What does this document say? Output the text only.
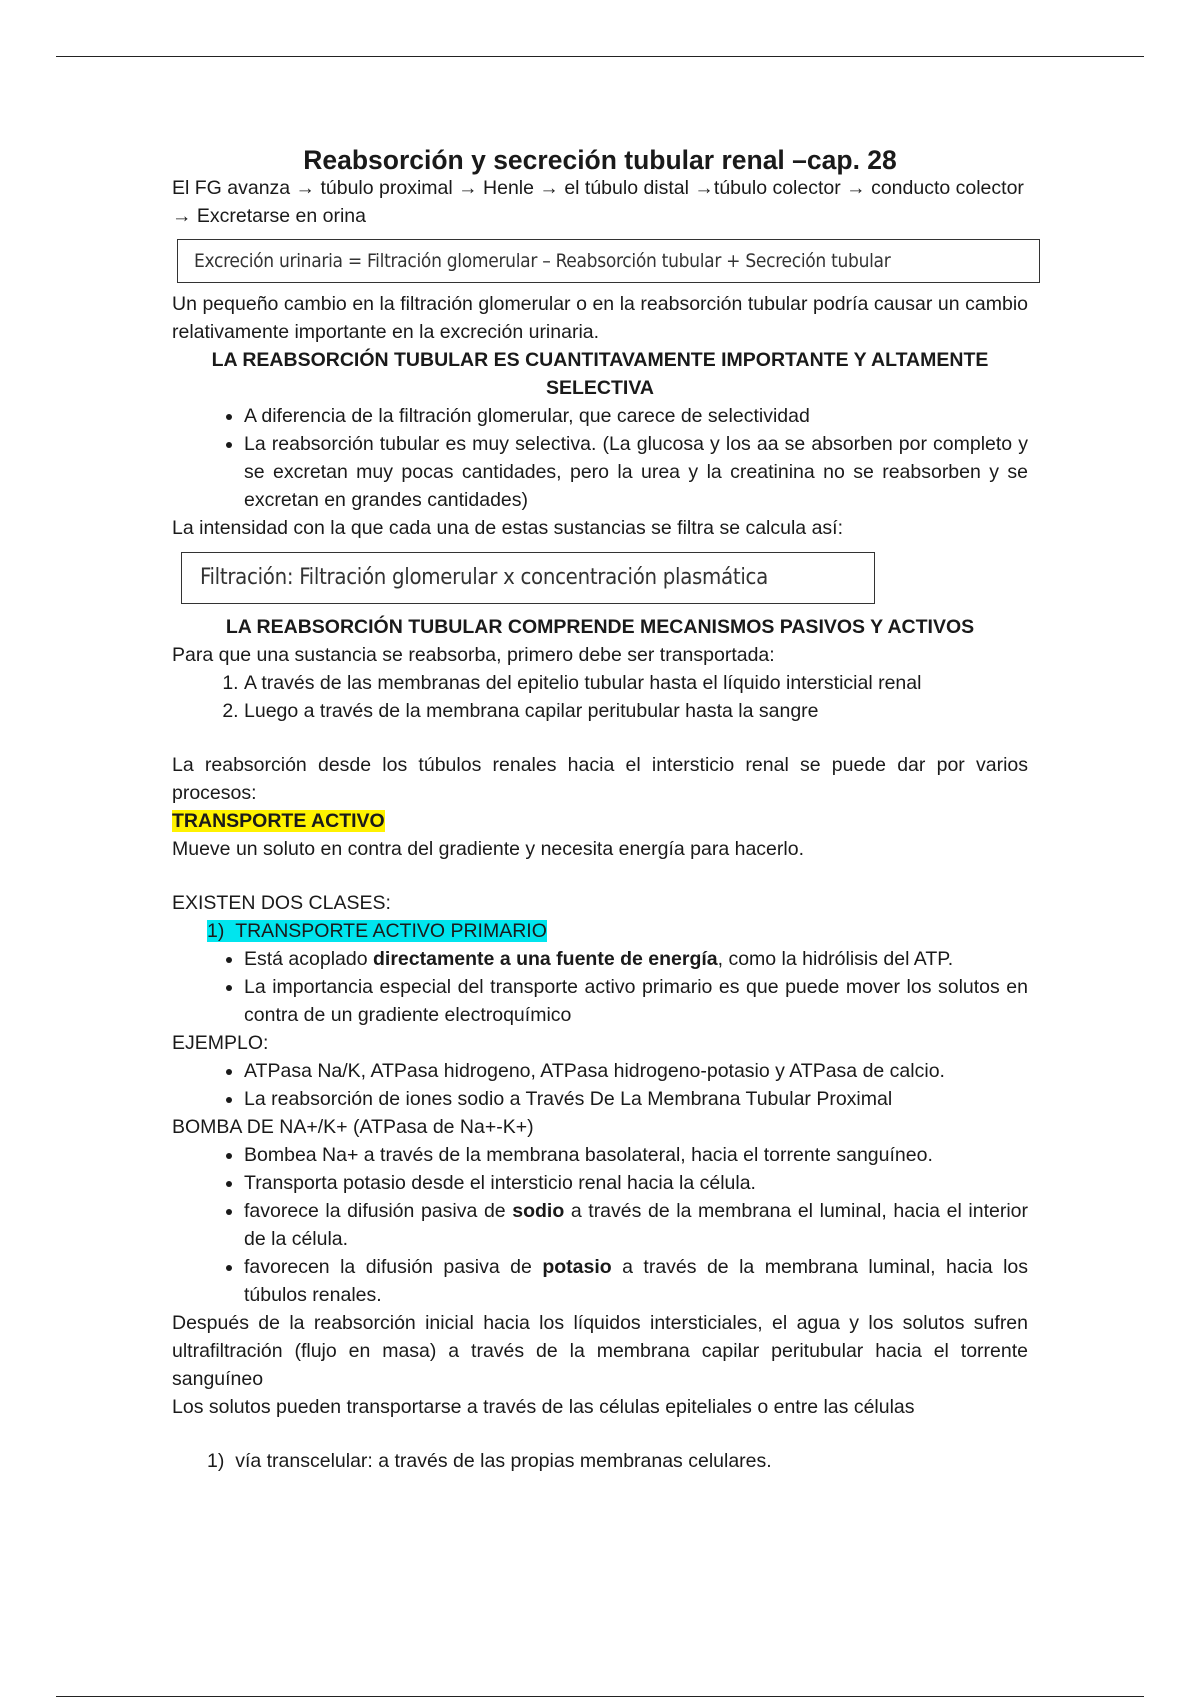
Reabsorción y secreción tubular renal –cap. 28
El FG avanza → túbulo proximal → Henle → el túbulo distal →túbulo colector → conducto colector → Excretarse en orina
Excreción urinaria = Filtración glomerular – Reabsorción tubular + Secreción tubular
Un pequeño cambio en la filtración glomerular o en la reabsorción tubular podría causar un cambio relativamente importante en la excreción urinaria.
LA REABSORCIÓN TUBULAR ES CUANTITAVAMENTE IMPORTANTE Y ALTAMENTE SELECTIVA
• A diferencia de la filtración glomerular, que carece de selectividad
• La reabsorción tubular es muy selectiva. (La glucosa y los aa se absorben por completo y se excretan muy pocas cantidades, pero la urea y la creatinina no se reabsorben y se excretan en grandes cantidades)
La intensidad con la que cada una de estas sustancias se filtra se calcula así:
Filtración: Filtración glomerular x concentración plasmática
LA REABSORCIÓN TUBULAR COMPRENDE MECANISMOS PASIVOS Y ACTIVOS
Para que una sustancia se reabsorba, primero debe ser transportada:
1. A través de las membranas del epitelio tubular hasta el líquido intersticial renal
2. Luego a través de la membrana capilar peritubular hasta la sangre
La reabsorción desde los túbulos renales hacia el intersticio renal se puede dar por varios procesos:
TRANSPORTE ACTIVO
Mueve un soluto en contra del gradiente y necesita energía para hacerlo.
EXISTEN DOS CLASES:
1) TRANSPORTE ACTIVO PRIMARIO
• Está acoplado directamente a una fuente de energía, como la hidrólisis del ATP.
• La importancia especial del transporte activo primario es que puede mover los solutos en contra de un gradiente electroquímico
EJEMPLO:
• ATPasa Na/K, ATPasa hidrogeno, ATPasa hidrogeno-potasio y ATPasa de calcio.
• La reabsorción de iones sodio a Través De La Membrana Tubular Proximal
BOMBA DE NA+/K+ (ATPasa de Na+-K+)
• Bombea Na+ a través de la membrana basolateral, hacia el torrente sanguíneo.
• Transporta potasio desde el intersticio renal hacia la célula.
• favorece la difusión pasiva de sodio a través de la membrana el luminal, hacia el interior de la célula.
• favorecen la difusión pasiva de potasio a través de la membrana luminal, hacia los túbulos renales.
Después de la reabsorción inicial hacia los líquidos intersticiales, el agua y los solutos sufren ultrafiltración (flujo en masa) a través de la membrana capilar peritubular hacia el torrente sanguíneo
Los solutos pueden transportarse a través de las células epiteliales o entre las células
1) vía transcelular: a través de las propias membranas celulares.
